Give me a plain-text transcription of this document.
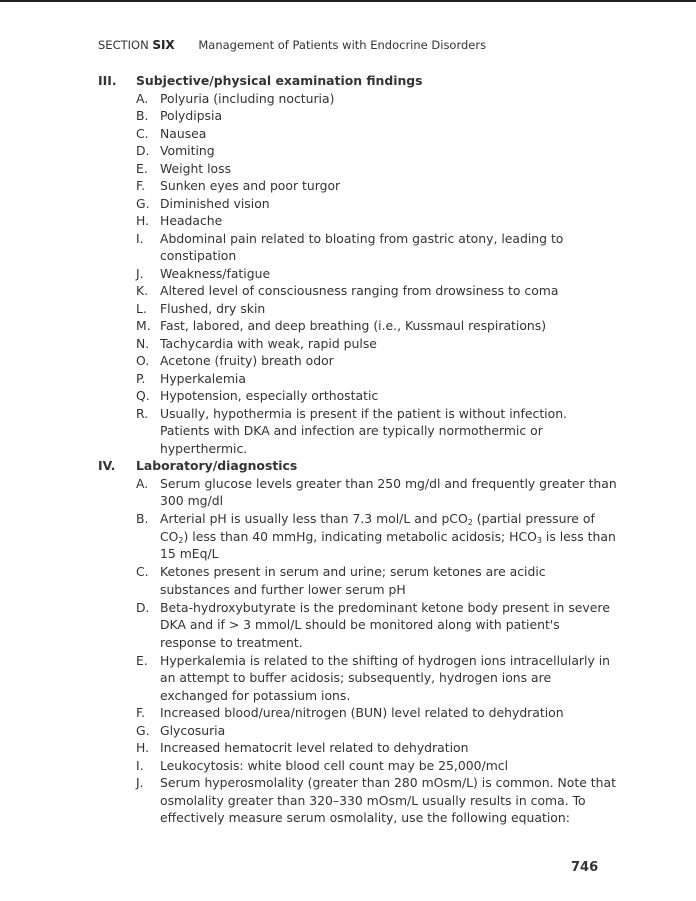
SECTION SIX Management of Patients with Endocrine Disorders
III. Subjective/physical examination findings
A. Polyuria (including nocturia)
B. Polydipsia
C. Nausea
D. Vomiting
E. Weight loss
F.	Sunken eyes and poor turgor
G. Diminished vision
H. Headache
I.	Abdominal pain related to bloating from gastric atony, leading to constipation
J.	Weakness/fatigue
K. Altered level of consciousness ranging from drowsiness to coma
L.	Flushed, dry skin
M. Fast, labored, and deep breathing (i.e., Kussmaul respirations)
N. Tachycardia with weak, rapid pulse
O. Acetone (fruity) breath odor
P.	Hyperkalemia
Q. Hypotension, especially orthostatic
R. Usually, hypothermia is present if the patient is without infection. Patients with DKA and infection are typically normothermic or hyperthermic.
IV. Laboratory/diagnostics
A. Serum glucose levels greater than 250 mg/dl and frequently greater than 300 mg/dl
B. Arterial pH is usually less than 7.3 mol/L and pCO$_2$ (partial pressure of $CO_2$) less than 40 mmHg, indicating metabolic acidosis; $HCO_3$ is less than 15 mEq/L
C. Ketones present in serum and urine; serum ketones are acidic substances and further lower serum pH
D. Beta-hydroxybutyrate is the predominant ketone body present in severe DKA and if > 3 mmol/L should be monitored along with patient's response to treatment.
E. Hyperkalemia is related to the shifting of hydrogen ions intracellularly in an attempt to buffer acidosis; subsequently, hydrogen ions are exchanged for potassium ions.
F.	Increased blood/urea/nitrogen (BUN) level related to dehydration
G. Glycosuria
H. Increased hematocrit level related to dehydration
I.	Leukocytosis: white blood cell count may be 25,000/mcl
J.	Serum hyperosmolality (greater than 280 mOsm/L) is common. Note that osmolality greater than 320–330 mOsm/L usually results in coma. To effectively measure serum osmolality, use the following equation:
746
